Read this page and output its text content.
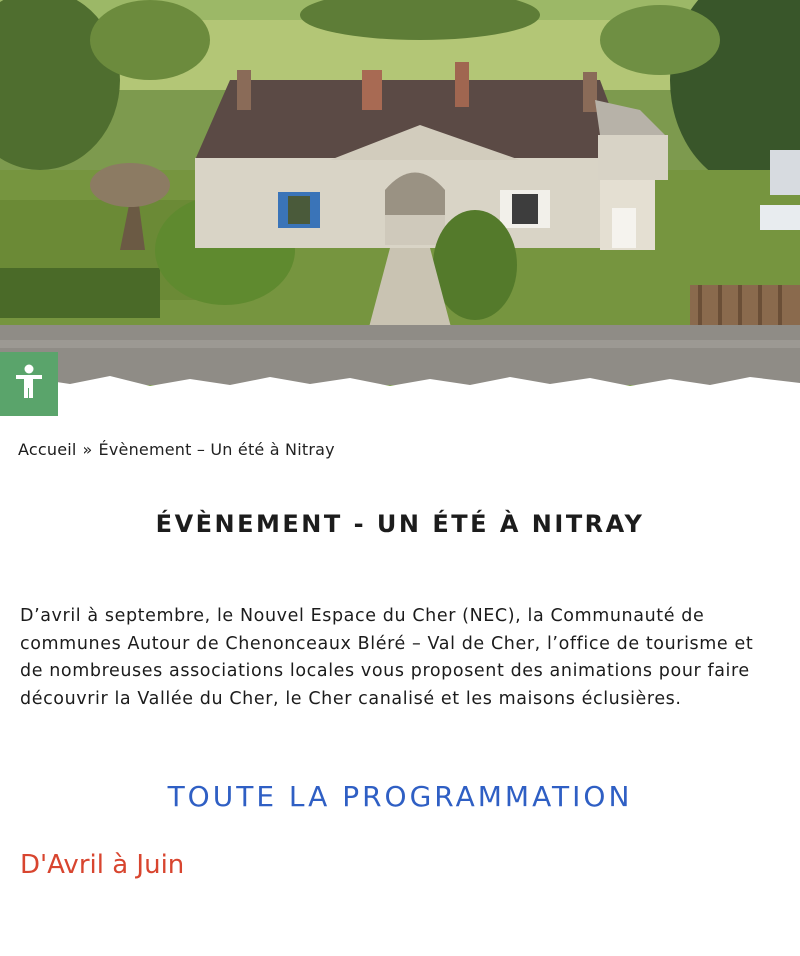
Accueil » Évènement – Un été à Nitray
ÉVÈNEMENT - UN ÉTÉ À NITRAY

D’avril à septembre, le Nouvel Espace du Cher (NEC), la Communauté de communes Autour de Chenonceaux Bléré – Val de Cher, l’office de tourisme et de nombreuses associations locales vous proposent des animations pour faire découvrir la Vallée du Cher, le Cher canalisé et les maisons éclusières.

TOUTE LA PROGRAMMATION
D'Avril à Juin
